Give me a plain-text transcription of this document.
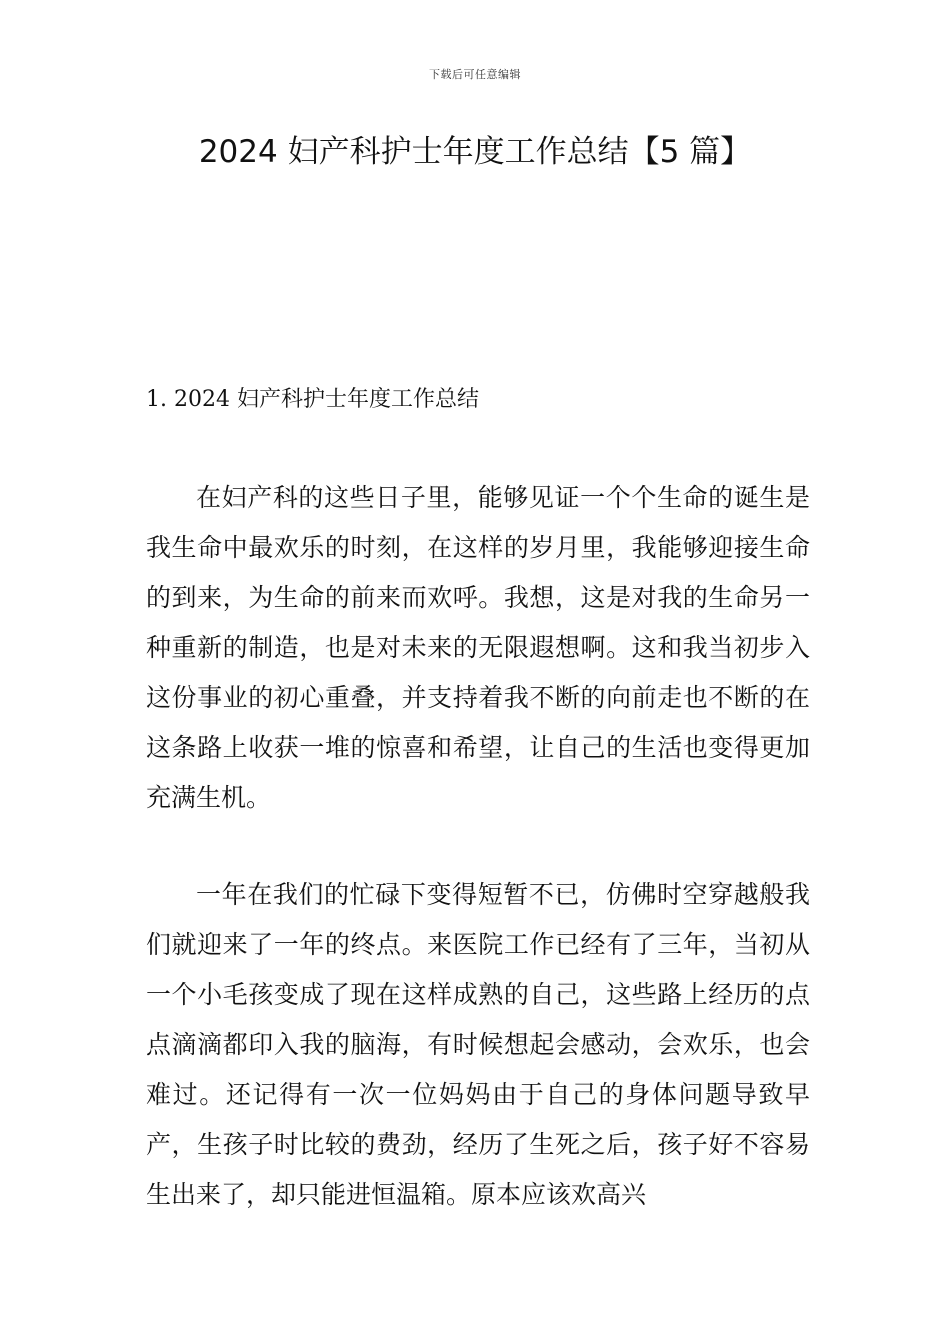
下载后可任意编辑
2024 妇产科护士年度工作总结【5 篇】
1. 2024 妇产科护士年度工作总结

在妇产科的这些日子里，能够见证一个个生命的诞生是我生命中最欢乐的时刻，在这样的岁月里，我能够迎接生命的到来，为生命的前来而欢呼。我想，这是对我的生命另一种重新的制造，也是对未来的无限遐想啊。这和我当初步入这份事业的初心重叠，并支持着我不断的向前走也不断的在这条路上收获一堆的惊喜和希望，让自己的生活也变得更加充满生机。

一年在我们的忙碌下变得短暂不已，仿佛时空穿越般我们就迎来了一年的终点。来医院工作已经有了三年，当初从一个小毛孩变成了现在这样成熟的自己，这些路上经历的点点滴滴都印入我的脑海，有时候想起会感动，会欢乐，也会难过。还记得有一次一位妈妈由于自己的身体问题导致早产，生孩子时比较的费劲，经历了生死之后，孩子好不容易生出来了，却只能进恒温箱。原本应该欢高兴
